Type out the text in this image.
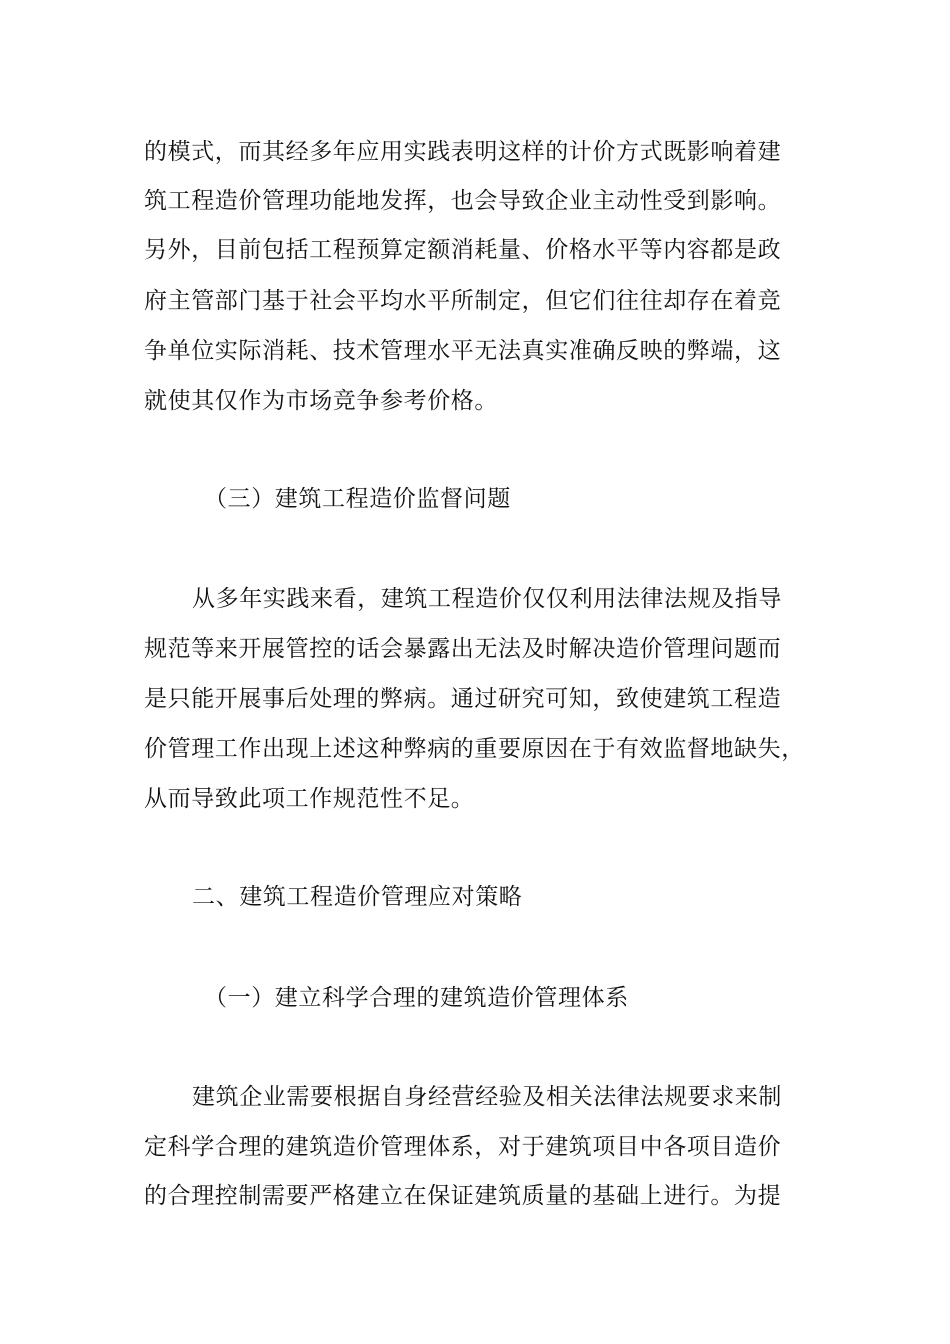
的模式，而其经多年应用实践表明这样的计价方式既影响着建
筑工程造价管理功能地发挥，也会导致企业主动性受到影响。
另外，目前包括工程预算定额消耗量、价格水平等内容都是政
府主管部门基于社会平均水平所制定，但它们往往却存在着竞
争单位实际消耗、技术管理水平无法真实准确反映的弊端，这
就使其仅作为市场竞争参考价格。
（三）建筑工程造价监督问题
从多年实践来看，建筑工程造价仅仅利用法律法规及指导
规范等来开展管控的话会暴露出无法及时解决造价管理问题而
是只能开展事后处理的弊病。通过研究可知，致使建筑工程造
价管理工作出现上述这种弊病的重要原因在于有效监督地缺失，
从而导致此项工作规范性不足。
二、建筑工程造价管理应对策略
（一）建立科学合理的建筑造价管理体系
建筑企业需要根据自身经营经验及相关法律法规要求来制
定科学合理的建筑造价管理体系，对于建筑项目中各项目造价
的合理控制需要严格建立在保证建筑质量的基础上进行。为提
